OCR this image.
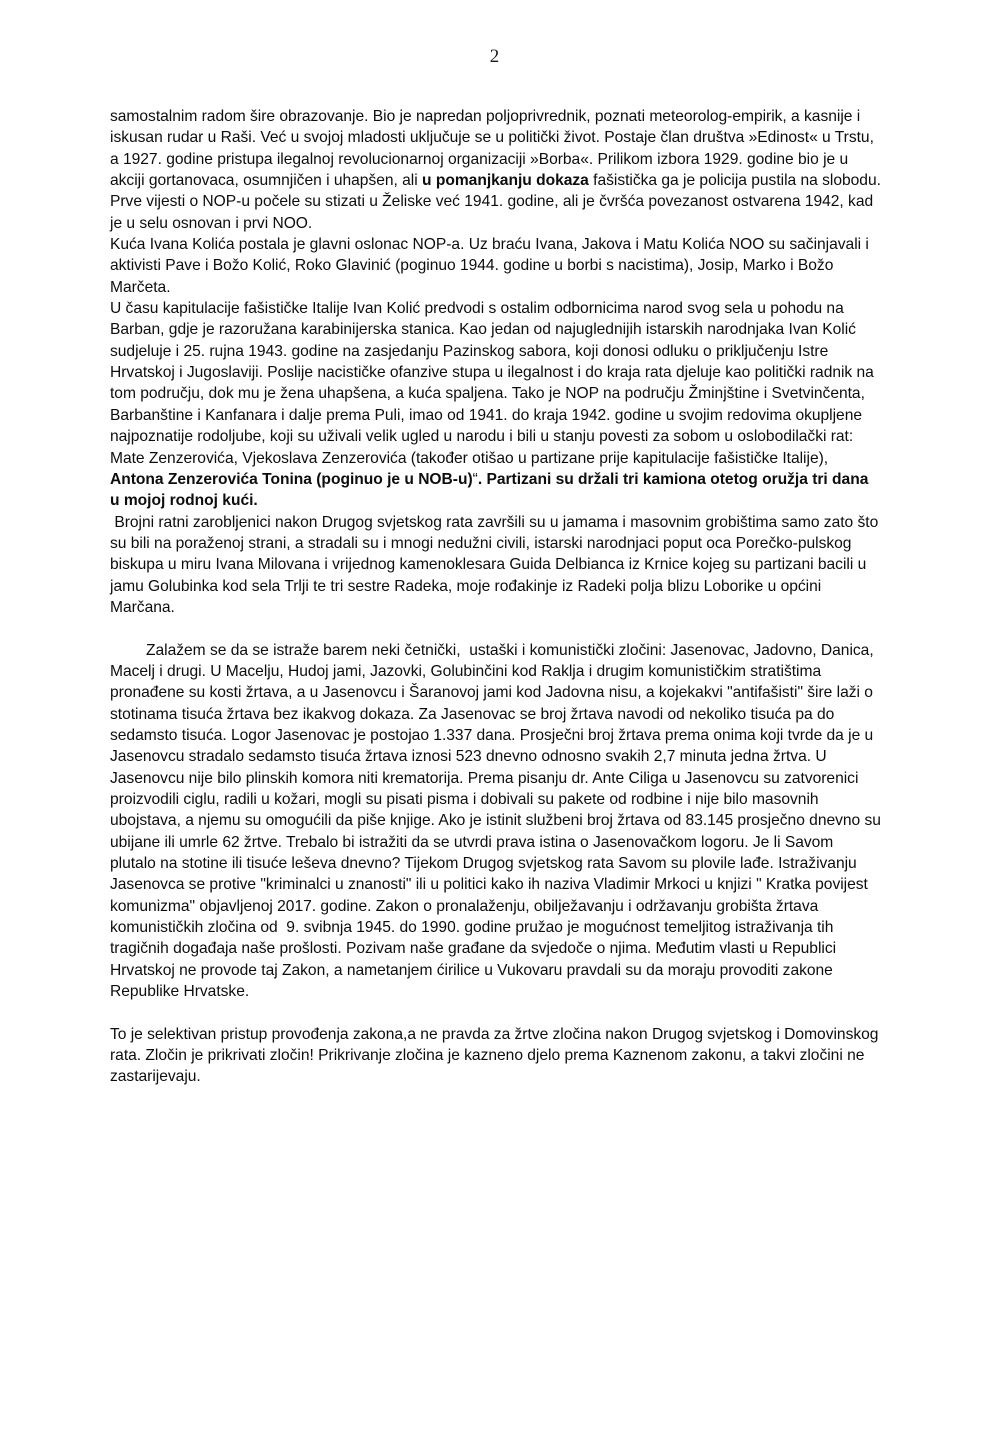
2

samostalnim radom šire obrazovanje. Bio je napredan poljoprivrednik, poznati meteorolog-empirik, a kasnije i iskusan rudar u Raši. Već u svojoj mladosti uključuje se u politički život. Postaje član društva »Edinost« u Trstu, a 1927. godine pristupa ilegalnoj revolucionarnoj organizaciji »Borba«. Prilikom izbora 1929. godine bio je u akciji gortanovaca, osumnjičen i uhapšen, ali u pomanjkanju dokaza fašistička ga je policija pustila na slobodu.

Prve vijesti o NOP-u počele su stizati u Želiske već 1941. godine, ali je čvršća povezanost ostvarena 1942, kad je u selu osnovan i prvi NOO.

Kuća Ivana Kolića postala je glavni oslonac NOP-a. Uz braću Ivana, Jakova i Matu Kolića NOO su sačinjavali i aktivisti Pave i Božo Kolić, Roko Glavinić (poginuo 1944. godine u borbi s nacistima), Josip, Marko i Božo Marčeta.

U času kapitulacije fašističke Italije Ivan Kolić predvodi s ostalim odbornicima narod svog sela u pohodu na Barban, gdje je razoružana karabinijerska stanica. Kao jedan od najuglednijih istarskih narodnjaka Ivan Kolić sudjeluje i 25. rujna 1943. godine na zasjedanju Pazinskog sabora, koji donosi odluku o priključenju Istre Hrvatskoj i Jugoslaviji. Poslije nacističke ofanzive stupa u ilegalnost i do kraja rata djeluje kao politički radnik na tom području, dok mu je žena uhapšena, a kuća spaljena. Tako je NOP na području Žminjštine i Svetvinčenta, Barbanštine i Kanfanara i dalje prema Puli, imao od 1941. do kraja 1942. godine u svojim redovima okupljene najpoznatije rodoljube, koji su uživali velik ugled u narodu i bili u stanju povesti za sobom u oslobodilački rat: Mate Zenzerovića, Vjekoslava Zenzerovića (također otišao u partizane prije kapitulacije fašističke Italije), Antona Zenzerovića Tonina (poginuo je u NOB-u)“. Partizani su držali tri kamiona otetog oružja tri dana u mojoj rodnoj kući.

Brojni ratni zarobljenici nakon Drugog svjetskog rata završili su u jamama i masovnim grobištima samo zato što su bili na poraženoj strani, a stradali su i mnogi nedužni civili, istarski narodnjaci poput oca Porečko-pulskog biskupa u miru Ivana Milovana i vrijednog kamenoklesara Guida Delbianca iz Krnice kojeg su partizani bacili u jamu Golubinka kod sela Trlji te tri sestre Radeka, moje rođakinje iz Radeki polja blizu Loborike u općini Marčana.

Zalažem se da se istraže barem neki četnički,  ustaški i komunistički zločini: Jasenovac, Jadovno, Danica, Macelj i drugi. U Macelju, Hudoj jami, Jazovki, Golubinčini kod Raklja i drugim komunističkim stratištima pronađene su kosti žrtava, a u Jasenovcu i Šaranovoj jami kod Jadovna nisu, a kojekakvi "antifašisti" šire laži o stotinama tisuća žrtava bez ikakvog dokaza. Za Jasenovac se broj žrtava navodi od nekoliko tisuća pa do sedamsto tisuća. Logor Jasenovac je postojao 1.337 dana. Prosječni broj žrtava prema onima koji tvrde da je u Jasenovcu stradalo sedamsto tisuća žrtava iznosi 523 dnevno odnosno svakih 2,7 minuta jedna žrtva. U Jasenovcu nije bilo plinskih komora niti krematorija. Prema pisanju dr. Ante Ciliga u Jasenovcu su zatvorenici proizvodili ciglu, radili u kožari, mogli su pisati pisma i dobivali su pakete od rodbine i nije bilo masovnih ubojstava, a njemu su omogućili da piše knjige. Ako je istinit službeni broj žrtava od 83.145 prosječno dnevno su ubijane ili umrle 62 žrtve. Trebalo bi istražiti da se utvrdi prava istina o Jasenovačkom logoru. Je li Savom plutalo na stotine ili tisuće leševa dnevno? Tijekom Drugog svjetskog rata Savom su plovile lađe. Istraživanju Jasenovca se protive "kriminalci u znanosti" ili u politici kako ih naziva Vladimir Mrkoci u knjizi " Kratka povijest komunizma" objavljenoj 2017. godine. Zakon o pronalaženju, obilježavanju i održavanju grobišta žrtava komunističkih zločina od  9. svibnja 1945. do 1990. godine pružao je mogućnost temeljitog istraživanja tih tragičnih događaja naše prošlosti. Pozivam naše građane da svjedoče o njima. Međutim vlasti u Republici Hrvatskoj ne provode taj Zakon, a nametanjem ćirilice u Vukovaru pravdali su da moraju provoditi zakone Republike Hrvatske.

To je selektivan pristup provođenja zakona,a ne pravda za žrtve zločina nakon Drugog svjetskog i Domovinskog rata. Zločin je prikrivati zločin! Prikrivanje zločina je kazneno djelo prema Kaznenom zakonu, a takvi zločini ne zastarijevaju.
